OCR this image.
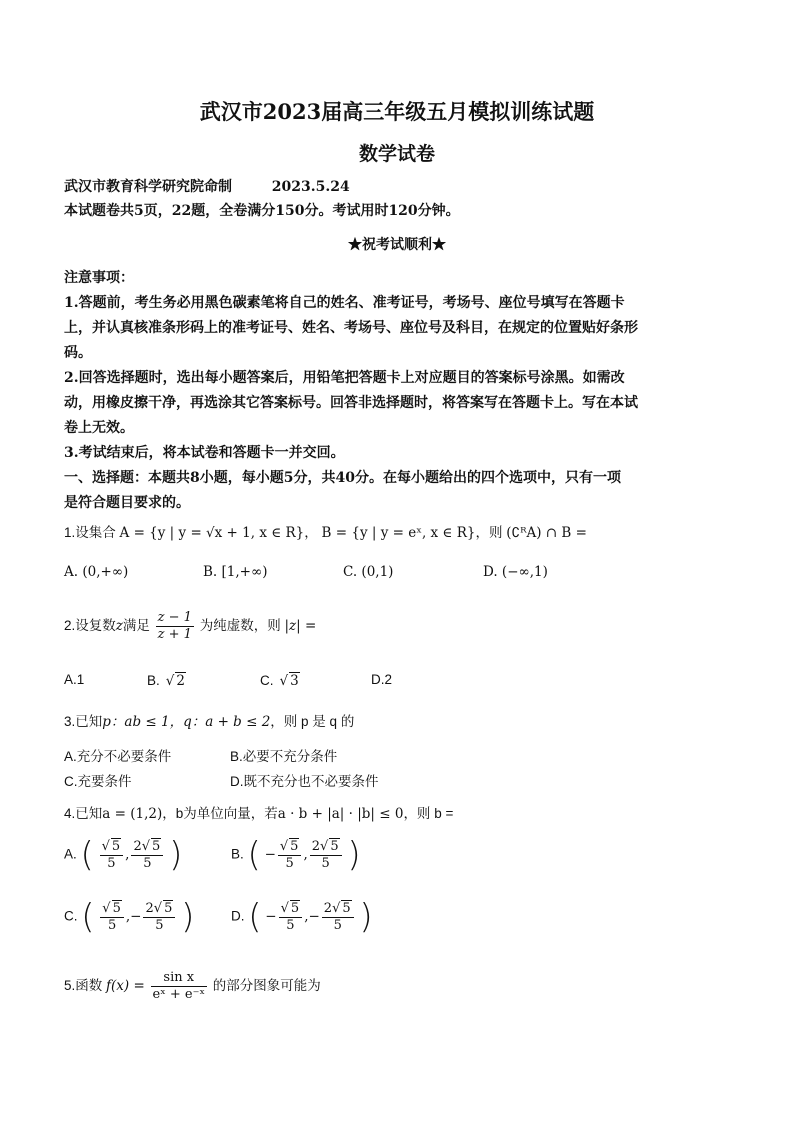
武汉市2023届高三年级五月模拟训练试题
数学试卷
武汉市教育科学研究院命制	2023.5.24
本试题卷共5页，22题，全卷满分150分。考试用时120分钟。
★祝考试顺利★
注意事项：
1.答题前，考生务必用黑色碳素笔将自己的姓名、准考证号，考场号、座位号填写在答题卡
上，并认真核准条形码上的准考证号、姓名、考场号、座位号及科目，在规定的位置贴好条形
码。
2.回答选择题时，选出每小题答案后，用铅笔把答题卡上对应题目的答案标号涂黑。如需改
动，用橡皮擦干净，再选涂其它答案标号。回答非选择题时，将答案写在答题卡上。写在本试
卷上无效。
3.考试结束后，将本试卷和答题卡一并交回。
一、选择题：本题共8小题，每小题5分，共40分。在每小题给出的四个选项中，只有一项
是符合题目要求的。
1.设集合 A = {y | y = √x + 1, x ∈ R}， B = {y | y = eˣ, x ∈ R}，则 (∁ᴿA) ∩ B =
A. (0,+∞)	B. [1,+∞)	C. (0,1)	D. (−∞,1)
2.设复数z满足 $\frac{z - 1}{z + 1}$ 为纯虚数，则 |z| =
A.1	B. √ 2	C. √ 3	D.2
3.已知p：ab ≤ 1，q：a + b ≤ 2，则 p 是 q 的
A.充分不必要条件	B.必要不充分条件
C.充要条件	D.既不充分也不必要条件
4.已知a = (1,2)，b为单位向量，若a · b + |a| · |b| ≤ 0，则 b =
A. ( $\frac{√ 5}{5}$ , $\frac{2√ 5}{5}$ )	B. ( − $\frac{√ 5}{5}$ , $\frac{2√ 5}{5}$ )
C. ( $\frac{√ 5}{5}$ ,− $\frac{2√ 5}{5}$ )	D. ( − $\frac{√ 5}{5}$ ,− $\frac{2√ 5}{5}$ )
5.函数 $f(x) = \frac{\text{sin x}}{\text{eˣ + e⁻ˣ}}$ 的部分图象可能为
